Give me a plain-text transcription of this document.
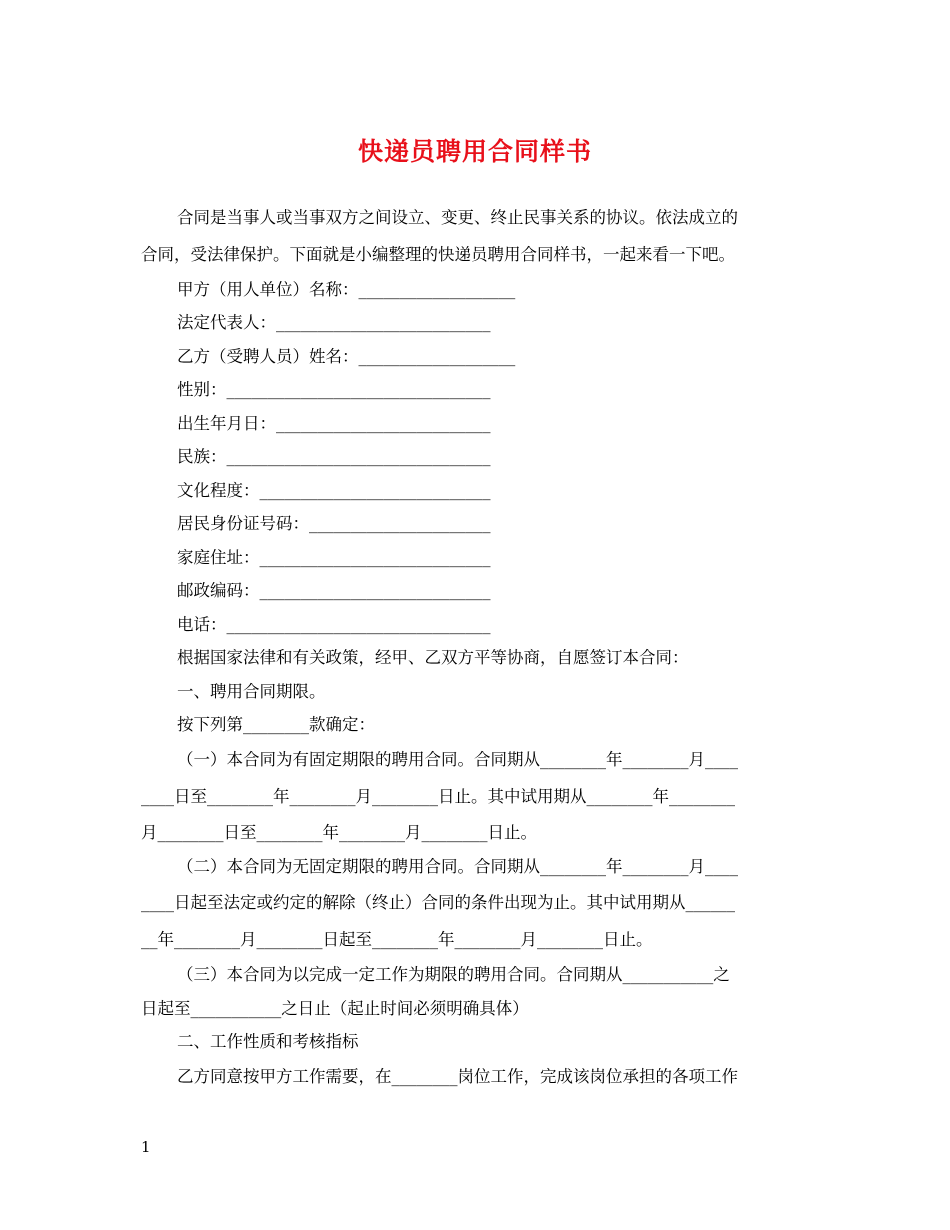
快递员聘用合同样书
合同是当事人或当事双方之间设立、变更、终止民事关系的协议。依法成立的
合同，受法律保护。下面就是小编整理的快递员聘用合同样书，一起来看一下吧。
甲方（用人单位）名称：___________________
法定代表人：__________________________
乙方（受聘人员）姓名：___________________
性别：________________________________
出生年月日：__________________________
民族：________________________________
文化程度：____________________________
居民身份证号码：______________________
家庭住址：____________________________
邮政编码：____________________________
电话：________________________________
根据国家法律和有关政策，经甲、乙双方平等协商，自愿签订本合同：
一、聘用合同期限。
按下列第________款确定：
（一）本合同为有固定期限的聘用合同。合同期从________年________月____
____日至________年________月________日止。其中试用期从________年________
月________日至________年________月________日止。
（二）本合同为无固定期限的聘用合同。合同期从________年________月____
____日起至法定或约定的解除（终止）合同的条件出现为止。其中试用期从______
__年________月________日起至________年________月________日止。
（三）本合同为以完成一定工作为期限的聘用合同。合同期从___________之
日起至___________之日止（起止时间必须明确具体）
二、工作性质和考核指标
乙方同意按甲方工作需要，在________岗位工作，完成该岗位承担的各项工作
1
